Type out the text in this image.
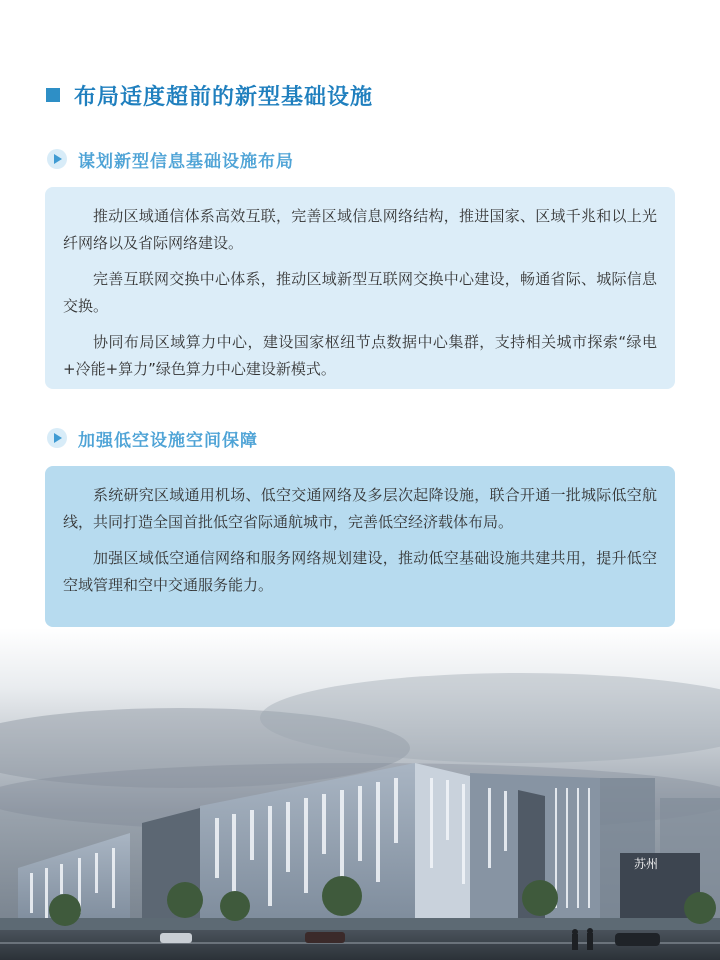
布局适度超前的新型基础设施
谋划新型信息基础设施布局

推动区域通信体系高效互联，完善区域信息网络结构，推进国家、区域千兆和以上光纤网络以及省际网络建设。

完善互联网交换中心体系，推动区域新型互联网交换中心建设，畅通省际、城际信息交换。

协同布局区域算力中心，建设国家枢纽节点数据中心集群，支持相关城市探索“绿电+冷能+算力”绿色算力中心建设新模式。

加强低空设施空间保障

系统研究区域通用机场、低空交通网络及多层次起降设施，联合开通一批城际低空航线，共同打造全国首批低空省际通航城市，完善低空经济载体布局。

加强区域低空通信网络和服务网络规划建设，推动低空基础设施共建共用，提升低空空域管理和空中交通服务能力。

苏州
